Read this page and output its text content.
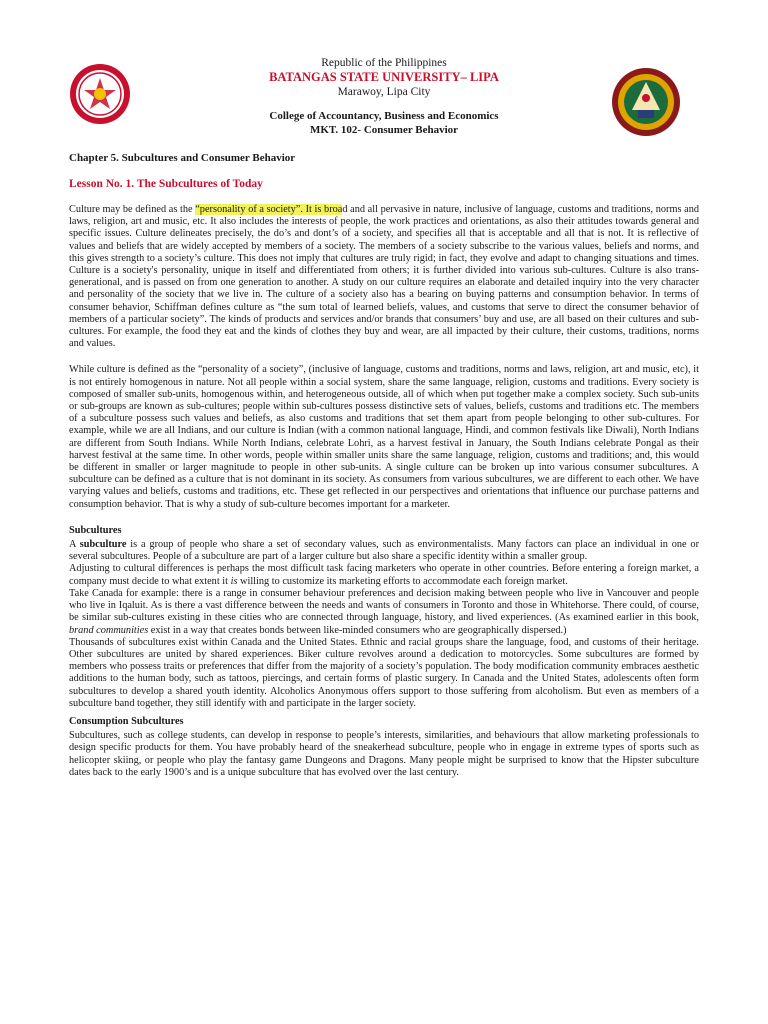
Republic of the Philippines
BATANGAS STATE UNIVERSITY– LIPA
Marawoy, Lipa City
College of Accountancy, Business and Economics
MKT. 102- Consumer Behavior
Chapter 5. Subcultures and Consumer Behavior
Lesson No. 1. The Subcultures of Today

Culture may be defined as the “personality of a society”. It is broad and all pervasive in nature, inclusive of language, customs and traditions, norms and laws, religion, art and music, etc. It also includes the interests of people, the work practices and orientations, as also their attitudes towards general and specific issues. Culture delineates precisely, the do’s and dont’s of a society, and specifies all that is acceptable and all that is not. It is reflective of values and beliefs that are widely accepted by members of a society. The members of a society subscribe to the various values, beliefs and norms, and this gives strength to a society’s culture. This does not imply that cultures are truly rigid; in fact, they evolve and adapt to changing situations and times. Culture is a society's personality, unique in itself and differentiated from others; it is further divided into various sub-cultures. Culture is also trans-generational, and is passed on from one generation to another. A study on our culture requires an elaborate and detailed inquiry into the very character and personality of the society that we live in. The culture of a society also has a bearing on buying patterns and consumption behavior. In terms of consumer behavior, Schiffman defines culture as “the sum total of learned beliefs, values, and customs that serve to direct the consumer behavior of members of a particular society”. The kinds of products and services and/or brands that consumers’ buy and use, are all based on their cultures and sub-cultures. For example, the food they eat and the kinds of clothes they buy and wear, are all impacted by their culture, their customs, traditions, norms and values.

While culture is defined as the “personality of a society”, (inclusive of language, customs and traditions, norms and laws, religion, art and music, etc), it is not entirely homogenous in nature. Not all people within a social system, share the same language, religion, customs and traditions. Every society is composed of smaller sub-units, homogenous within, and heterogeneous outside, all of which when put together make a complex society. Such sub-units or sub-groups are known as sub-cultures; people within sub-cultures possess distinctive sets of values, beliefs, customs and traditions etc. The members of a subculture possess such values and beliefs, as also customs and traditions that set them apart from people belonging to other sub-cultures. For example, while we are all Indians, and our culture is Indian (with a common national language, Hindi, and common festivals like Diwali), North Indians are different from South Indians. While North Indians, celebrate Lohri, as a harvest festival in January, the South Indians celebrate Pongal as their harvest festival at the same time. In other words, people within smaller units share the same language, religion, customs and traditions; and, this would be different in smaller or larger magnitude to people in other sub-units. A single culture can be broken up into various consumer subcultures. A subculture can be defined as a culture that is not dominant in its society. As consumers from various subcultures, we are different to each other. We have varying values and beliefs, customs and traditions, etc. These get reflected in our perspectives and orientations that influence our purchase patterns and consumption behavior. That is why a study of sub-culture becomes important for a marketer.

Subcultures

A subculture is a group of people who share a set of secondary values, such as environmentalists. Many factors can place an individual in one or several subcultures. People of a subculture are part of a larger culture but also share a specific identity within a smaller group.

Adjusting to cultural differences is perhaps the most difficult task facing marketers who operate in other countries. Before entering a foreign market, a company must decide to what extent it is willing to customize its marketing efforts to accommodate each foreign market.

Take Canada for example: there is a range in consumer behaviour preferences and decision making between people who live in Vancouver and people who live in Iqaluit. As is there a vast difference between the needs and wants of consumers in Toronto and those in Whitehorse. There could, of course, be similar sub-cultures existing in these cities who are connected through language, history, and lived experiences. (As examined earlier in this book, brand communities exist in a way that creates bonds between like-minded consumers who are geographically dispersed.)

Thousands of subcultures exist within Canada and the United States. Ethnic and racial groups share the language, food, and customs of their heritage. Other subcultures are united by shared experiences. Biker culture revolves around a dedication to motorcycles. Some subcultures are formed by members who possess traits or preferences that differ from the majority of a society’s population. The body modification community embraces aesthetic additions to the human body, such as tattoos, piercings, and certain forms of plastic surgery. In Canada and the United States, adolescents often form subcultures to develop a shared youth identity. Alcoholics Anonymous offers support to those suffering from alcoholism. But even as members of a subculture band together, they still identify with and participate in the larger society.

Consumption Subcultures

Subcultures, such as college students, can develop in response to people’s interests, similarities, and behaviours that allow marketing professionals to design specific products for them. You have probably heard of the sneakerhead subculture, people who in engage in extreme types of sports such as helicopter skiing, or people who play the fantasy game Dungeons and Dragons. Many people might be surprised to know that the Hipster subculture dates back to the early 1900’s and is a unique subculture that has evolved over the last century.
